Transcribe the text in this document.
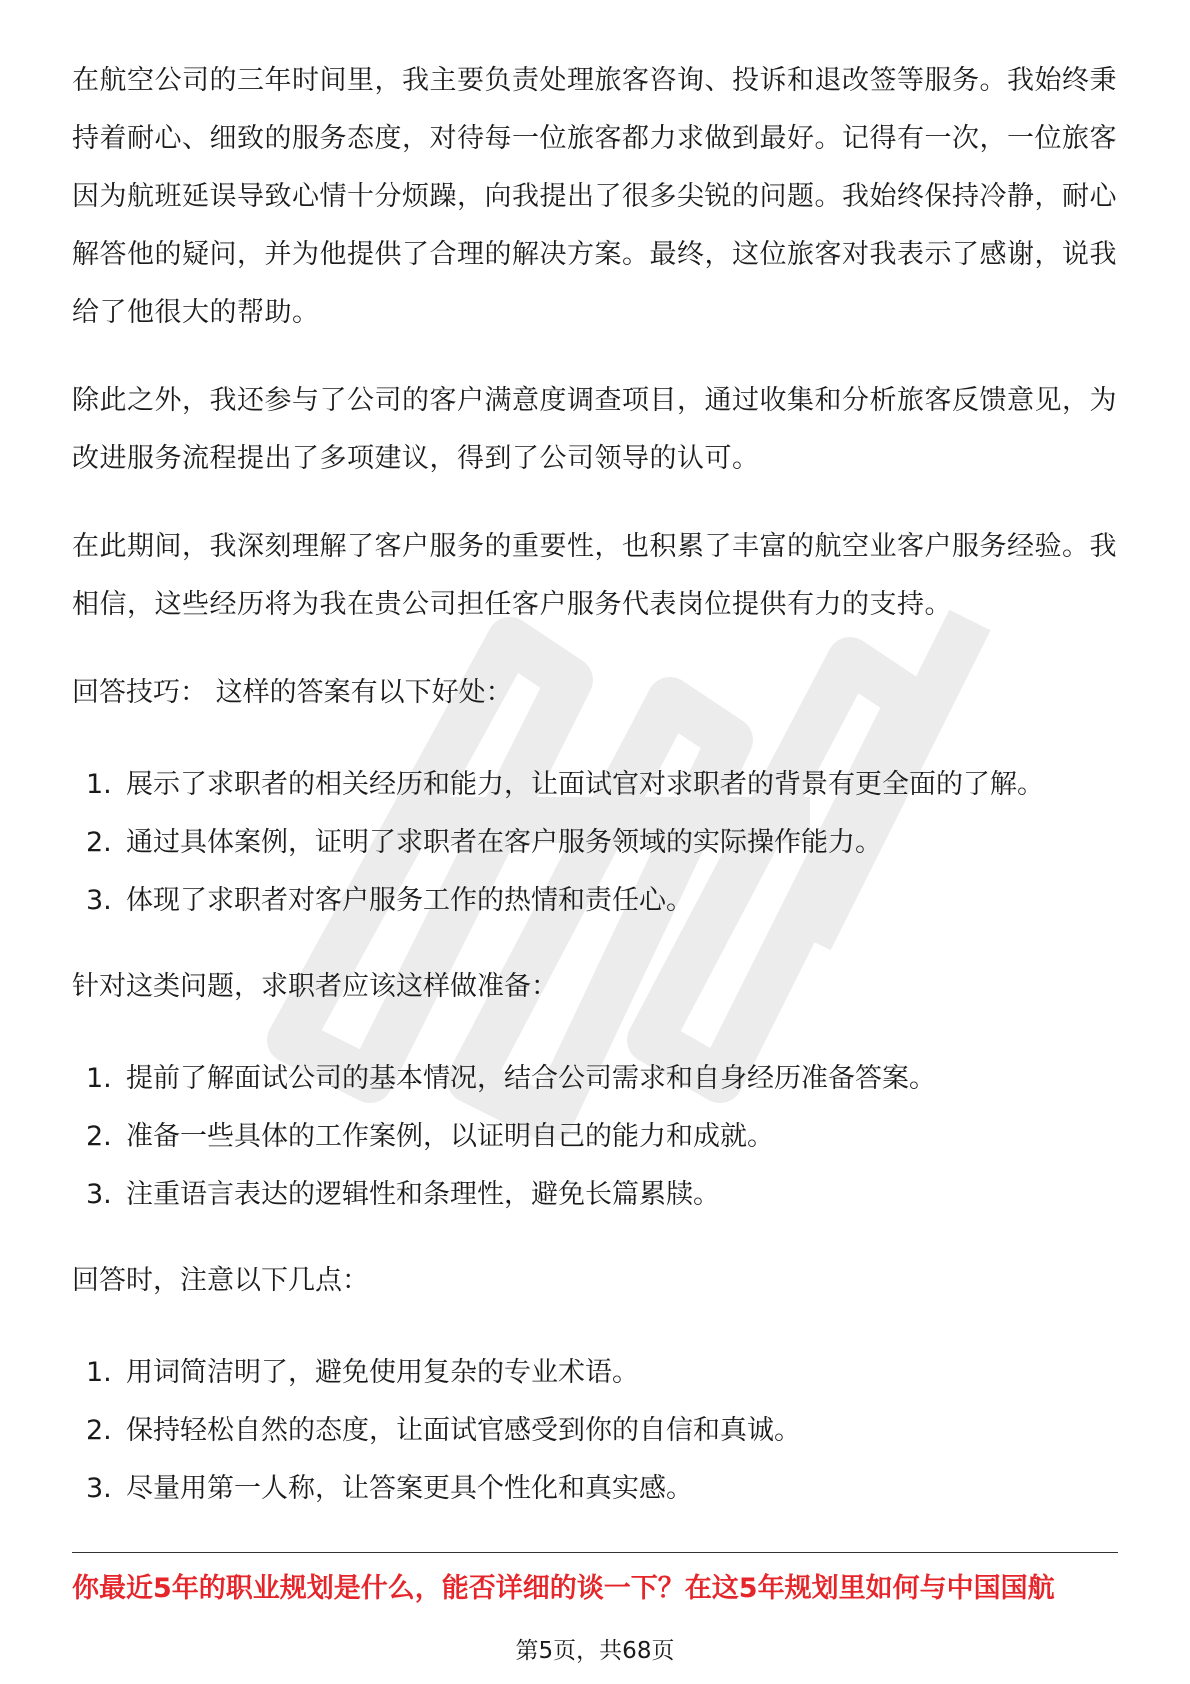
在航空公司的三年时间里，我主要负责处理旅客咨询、投诉和退改签等服务。我始终秉持着耐心、细致的服务态度，对待每一位旅客都力求做到最好。记得有一次，一位旅客因为航班延误导致心情十分烦躁，向我提出了很多尖锐的问题。我始终保持冷静，耐心解答他的疑问，并为他提供了合理的解决方案。最终，这位旅客对我表示了感谢，说我给了他很大的帮助。

除此之外，我还参与了公司的客户满意度调查项目，通过收集和分析旅客反馈意见，为改进服务流程提出了多项建议，得到了公司领导的认可。

在此期间，我深刻理解了客户服务的重要性，也积累了丰富的航空业客户服务经验。我相信，这些经历将为我在贵公司担任客户服务代表岗位提供有力的支持。

回答技巧： 这样的答案有以下好处：

1. 展示了求职者的相关经历和能力，让面试官对求职者的背景有更全面的了解。
2. 通过具体案例，证明了求职者在客户服务领域的实际操作能力。
3. 体现了求职者对客户服务工作的热情和责任心。

针对这类问题，求职者应该这样做准备：

1. 提前了解面试公司的基本情况，结合公司需求和自身经历准备答案。
2. 准备一些具体的工作案例，以证明自己的能力和成就。
3. 注重语言表达的逻辑性和条理性，避免长篇累牍。

回答时，注意以下几点：

1. 用词简洁明了，避免使用复杂的专业术语。
2. 保持轻松自然的态度，让面试官感受到你的自信和真诚。
3. 尽量用第一人称，让答案更具个性化和真实感。
你最近5年的职业规划是什么，能否详细的谈一下？在这5年规划里如何与中国国航
第5页，共68页
